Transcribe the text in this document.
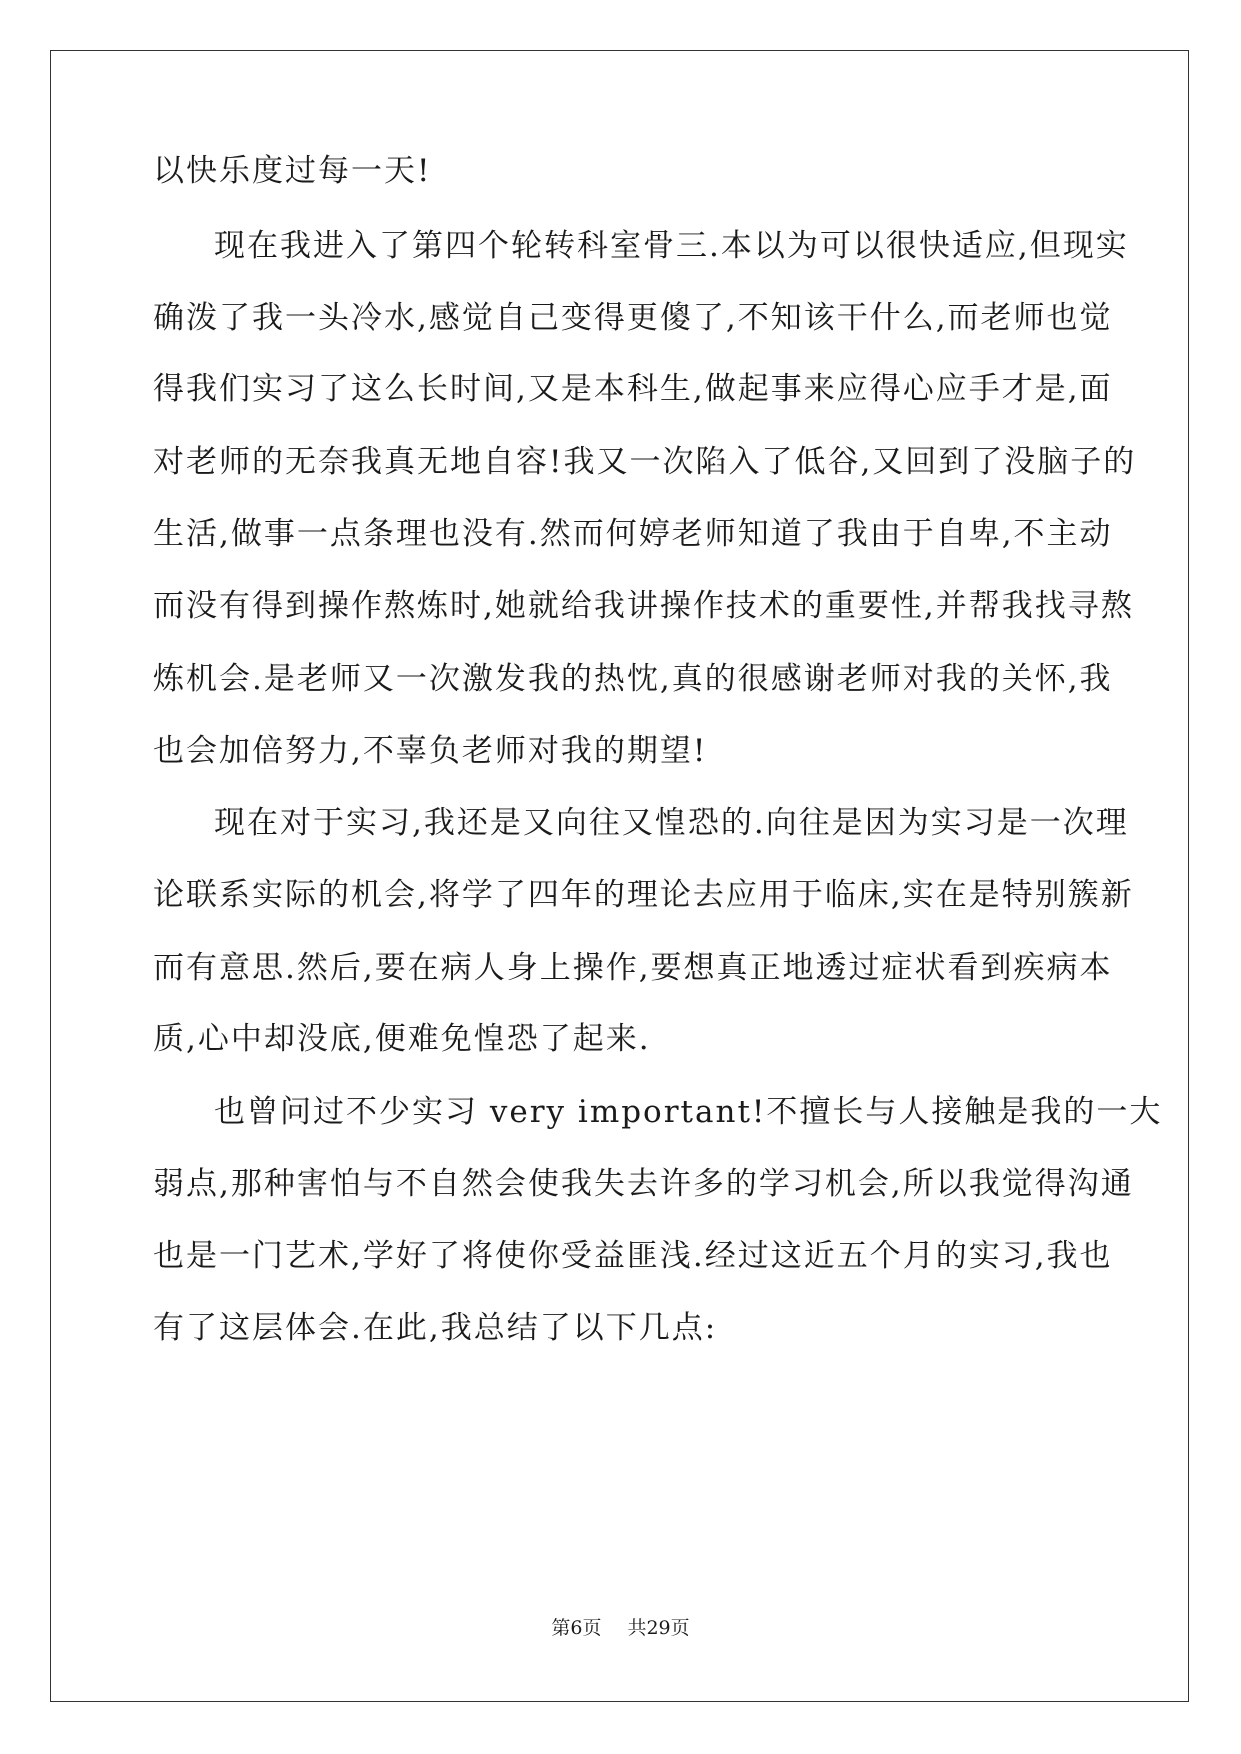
以快乐度过每一天!
现在我进入了第四个轮转科室骨三.本以为可以很快适应,但现实
确泼了我一头冷水,感觉自己变得更傻了,不知该干什么,而老师也觉
得我们实习了这么长时间,又是本科生,做起事来应得心应手才是,面
对老师的无奈我真无地自容!我又一次陷入了低谷,又回到了没脑子的
生活,做事一点条理也没有.然而何婷老师知道了我由于自卑,不主动
而没有得到操作熬炼时,她就给我讲操作技术的重要性,并帮我找寻熬
炼机会.是老师又一次激发我的热忱,真的很感谢老师对我的关怀,我
也会加倍努力,不辜负老师对我的期望!
现在对于实习,我还是又向往又惶恐的.向往是因为实习是一次理
论联系实际的机会,将学了四年的理论去应用于临床,实在是特别簇新
而有意思.然后,要在病人身上操作,要想真正地透过症状看到疾病本
质,心中却没底,便难免惶恐了起来.
也曾问过不少实习 very important!不擅长与人接触是我的一大
弱点,那种害怕与不自然会使我失去许多的学习机会,所以我觉得沟通
也是一门艺术,学好了将使你受益匪浅.经过这近五个月的实习,我也
有了这层体会.在此,我总结了以下几点:
第6页 共29页
